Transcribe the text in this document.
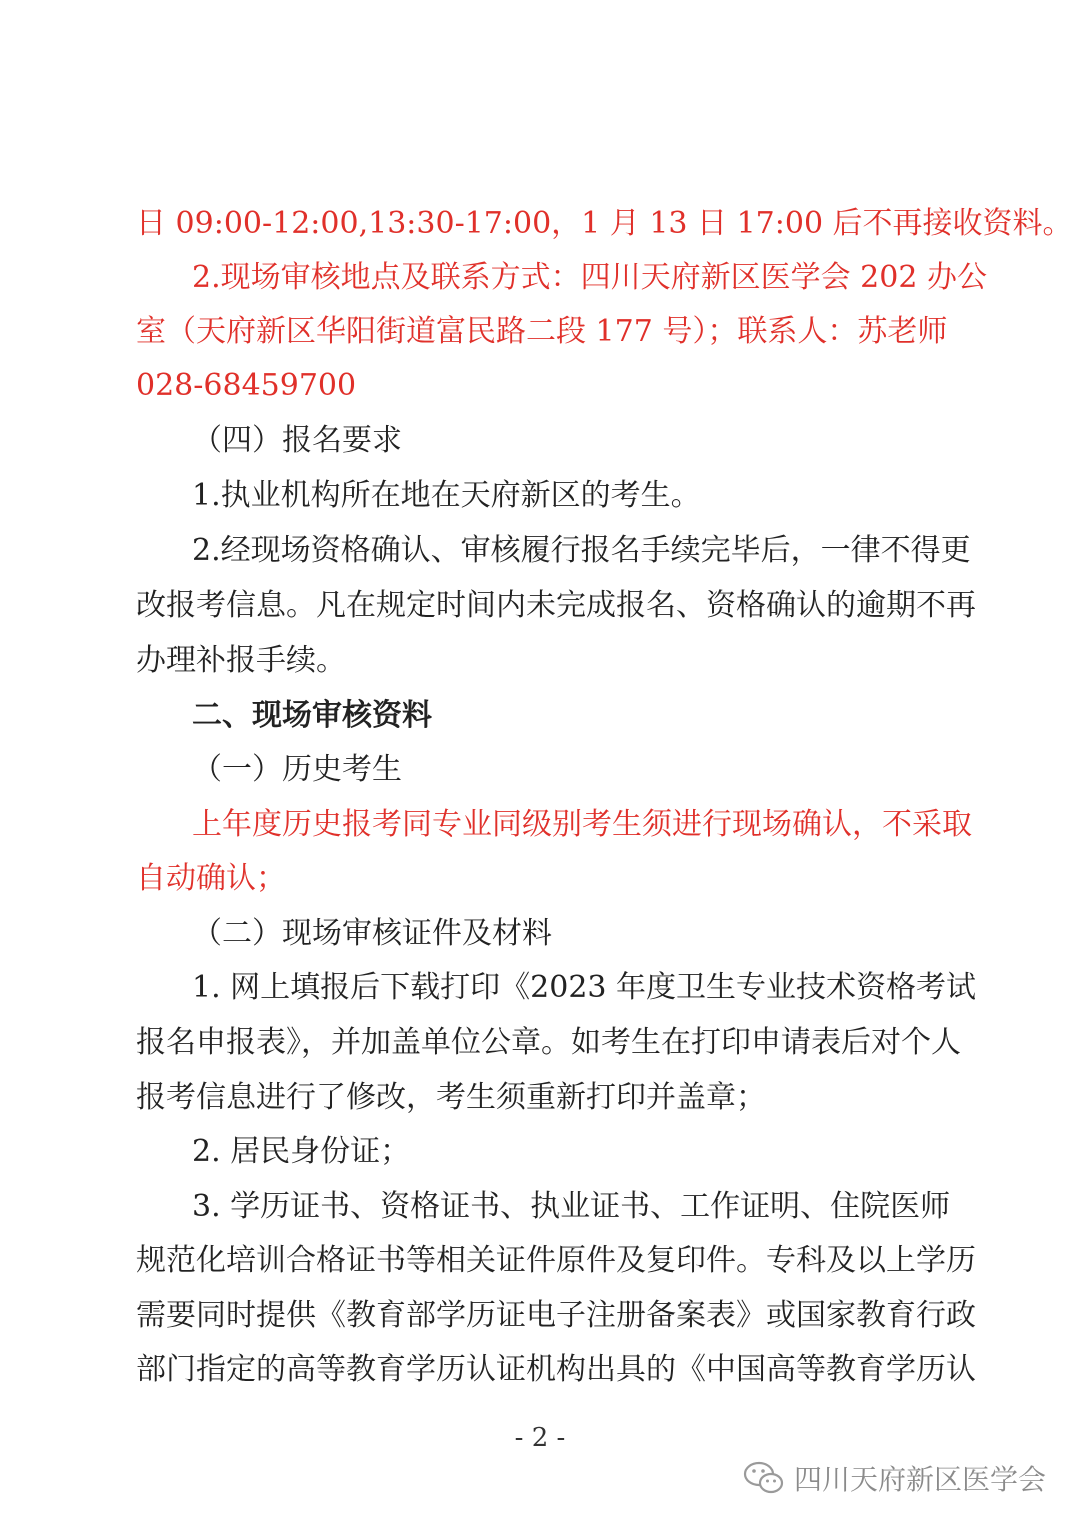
日 09:00-12:00,13:30-17:00，1 月 13 日 17:00 后不再接收资料。
2.现场审核地点及联系方式：四川天府新区医学会 202 办公
室（天府新区华阳街道富民路二段 177 号）；联系人：苏老师
028-68459700
（四）报名要求
1.执业机构所在地在天府新区的考生。
2.经现场资格确认、审核履行报名手续完毕后，一律不得更
改报考信息。凡在规定时间内未完成报名、资格确认的逾期不再
办理补报手续。
二、现场审核资料
（一）历史考生
上年度历史报考同专业同级别考生须进行现场确认，不采取
自动确认；
（二）现场审核证件及材料
1. 网上填报后下载打印《2023 年度卫生专业技术资格考试
报名申报表》，并加盖单位公章。如考生在打印申请表后对个人
报考信息进行了修改，考生须重新打印并盖章；
2. 居民身份证；
3. 学历证书、资格证书、执业证书、工作证明、住院医师
规范化培训合格证书等相关证件原件及复印件。专科及以上学历
需要同时提供《教育部学历证电子注册备案表》或国家教育行政
部门指定的高等教育学历认证机构出具的《中国高等教育学历认
- 2 -
四川天府新区医学会
